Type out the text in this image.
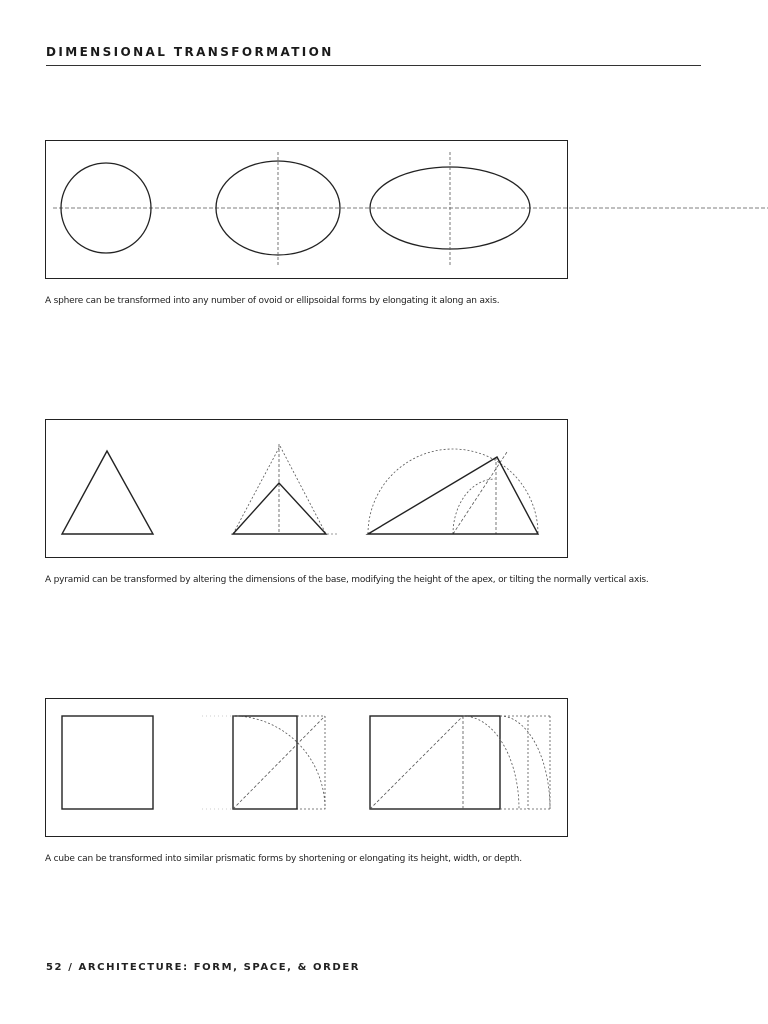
DIMENSIONAL TRANSFORMATION
A sphere can be transformed into any number of ovoid or ellipsoidal forms by elongating it along an axis.
A pyramid can be transformed by altering the dimensions of the base, modifying the height of the apex, or tilting the normally vertical axis.
A cube can be transformed into similar prismatic forms by shortening or elongating its height, width, or depth.
52 / ARCHITECTURE: FORM, SPACE, & ORDER
